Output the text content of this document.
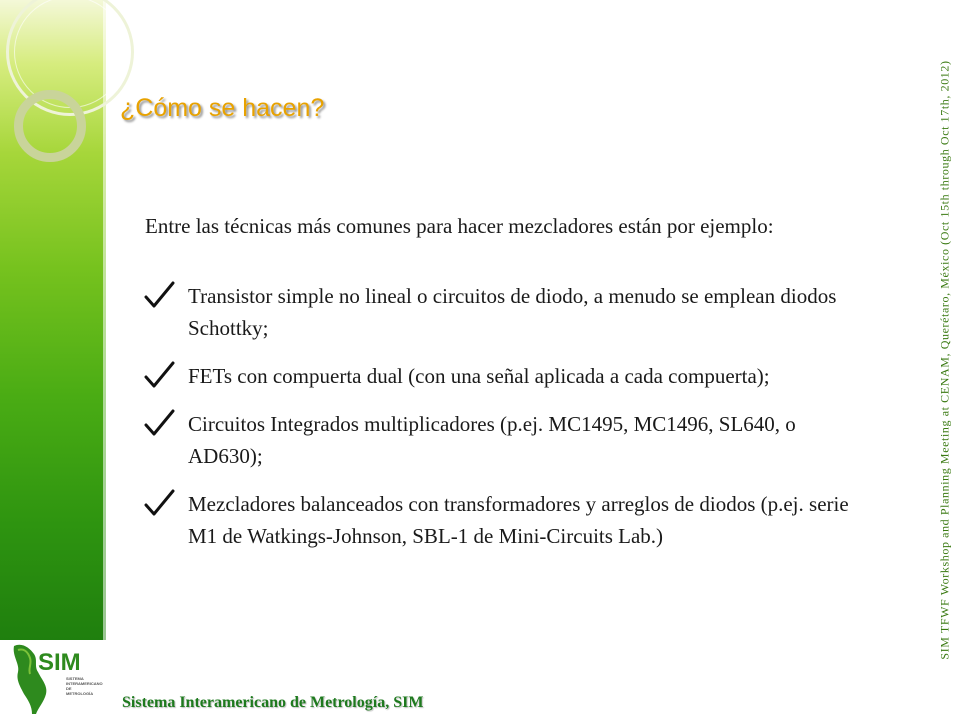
¿Cómo se hacen?
Entre las técnicas más comunes para hacer mezcladores están por ejemplo:
Transistor simple no lineal o circuitos de diodo, a menudo se emplean diodos Schottky;
FETs con compuerta dual (con una señal aplicada a cada compuerta);
Circuitos Integrados multiplicadores (p.ej. MC1495, MC1496, SL640, o AD630);
Mezcladores balanceados con transformadores y arreglos de diodos (p.ej. serie M1 de Watkings-Johnson, SBL-1 de Mini-Circuits Lab.)	SIM TFWF Workshop and Planning Meeting at CENAM, Querétaro, México (Oct 15th through Oct 17th, 2012)
SIM
SISTEMA
INTERAMERICANO
DE
METROLOGÍA
Sistema Interamericano de Metrología, SIM
